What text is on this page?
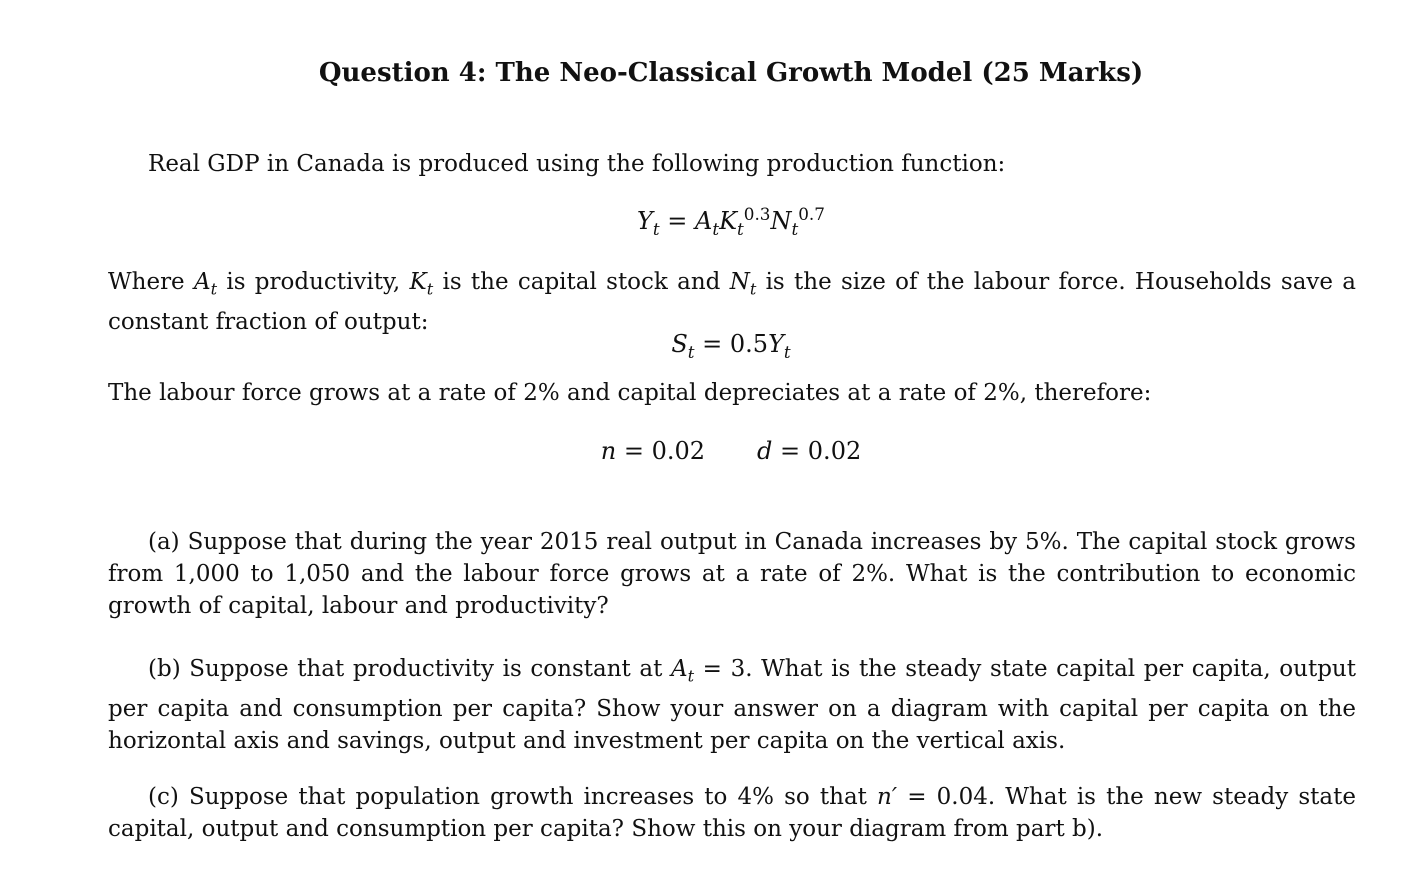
Question 4: The Neo-Classical Growth Model (25 Marks)
Real GDP in Canada is produced using the following production function:
$Y_t = A_tK_t^{0.3}N_t^{0.7}$
Where $A_t$ is productivity, $K_t$ is the capital stock and $N_t$ is the size of the labour force. Households save a constant fraction of output:
$S_t = 0.5Y_t$
The labour force grows at a rate of 2% and capital depreciates at a rate of 2%, therefore:
n = 0.02 d = 0.02
(a) Suppose that during the year 2015 real output in Canada increases by 5%. The capital stock grows from 1,000 to 1,050 and the labour force grows at a rate of 2%. What is the contribution to economic growth of capital, labour and productivity?
(b) Suppose that productivity is constant at $A_t = 3$. What is the steady state capital per capita, output per capita and consumption per capita? Show your answer on a diagram with capital per capita on the horizontal axis and savings, output and investment per capita on the vertical axis.
(c) Suppose that population growth increases to 4% so that n′ = 0.04. What is the new steady state capital, output and consumption per capita? Show this on your diagram from part b).
